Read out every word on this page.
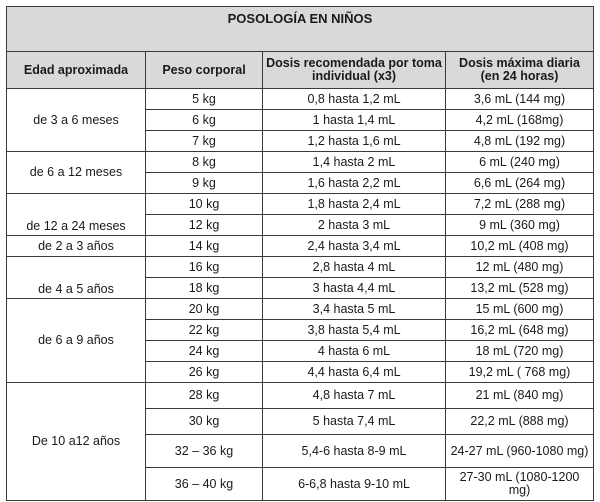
POSOLOGÍA EN NIÑOS			
Edad aproximada	Peso corporal	Dosis recomendada por toma individual (x3)	Dosis máxima diaria (en 24 horas)
de 3 a 6 meses	5 kg	0,8 hasta 1,2 mL	3,6 mL (144 mg)
	6 kg	1 hasta 1,4 mL	4,2 mL (168mg)
	7 kg	1,2 hasta 1,6 mL	4,8 mL (192 mg)
de 6 a 12 meses	8 kg	1,4 hasta 2 mL	6 mL (240 mg)
	9 kg	1,6 hasta 2,2 mL	6,6 mL (264 mg)
de 12 a 24 meses	10 kg	1,8 hasta 2,4 mL	7,2 mL (288 mg)
	12 kg	2 hasta 3 mL	9 mL (360 mg)
de 2 a 3 años	14 kg	2,4 hasta 3,4 mL	10,2 mL (408 mg)
de 4 a 5 años	16 kg	2,8 hasta 4 mL	12 mL (480 mg)
	18 kg	3 hasta 4,4 mL	13,2 mL (528 mg)
de 6 a 9 años	20 kg	3,4 hasta 5 mL	15 mL (600 mg)
	22 kg	3,8 hasta 5,4 mL	16,2 mL (648 mg)
	24 kg	4 hasta 6 mL	18 mL (720 mg)
	26 kg	4,4 hasta 6,4 mL	19,2 mL ( 768 mg)
De 10 a12 años	28 kg	4,8 hasta 7 mL	21 mL (840 mg)
	30 kg	5 hasta 7,4 mL	22,2 mL (888 mg)
	32 – 36 kg	5,4-6 hasta 8-9 mL	24-27 mL (960-1080 mg)
	36 – 40 kg	6-6,8 hasta 9-10 mL	27-30 mL (1080-1200 mg)
